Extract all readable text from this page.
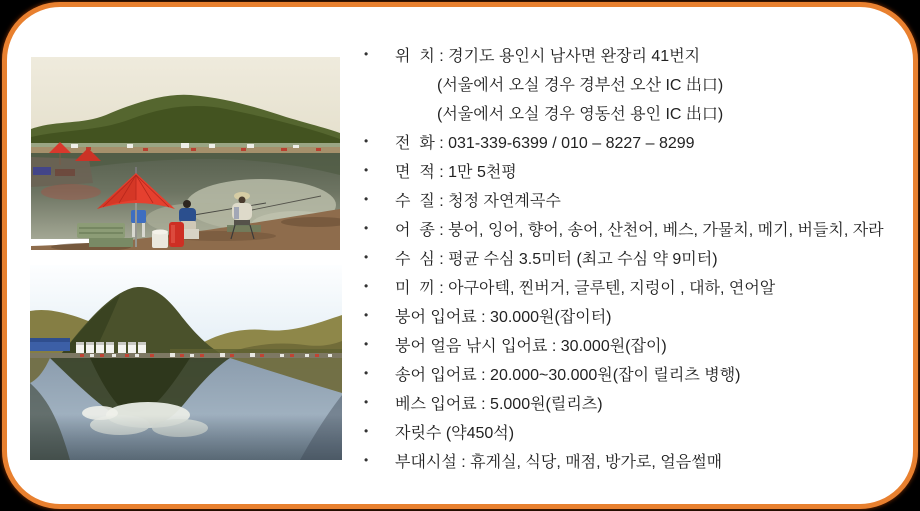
•	위  치 : 경기도 용인시 남사면 완장리 41번지
(서울에서 오실 경우 경부선 오산 IC 出口)
(서울에서 오실 경우 영동선 용인 IC 出口)
•	전  화 : 031-339-6399 / 010 – 8227 – 8299
•	면  적 : 1만 5천평
•	수  질 : 청정 자연계곡수
•	어  종 : 붕어, 잉어, 향어, 송어, 산천어, 베스, 가물치, 메기, 버들치, 자라
•	수  심 : 평균 수심 3.5미터 (최고 수심 약 9미터)
•	미  끼 : 아구아텍, 찐버거, 글루텐, 지렁이 , 대하, 연어알
•	붕어 입어료 : 30.000원(잡이터)
•	붕어 얼음 낚시 입어료 : 30.000원(잡이)
•	송어 입어료 : 20.000~30.000원(잡이 릴리츠 병행)
•	베스 입어료 : 5.000원(릴리츠)
•	자릿수 (약450석)
•	부대시설 : 휴게실, 식당, 매점, 방가로, 얼음썰매
